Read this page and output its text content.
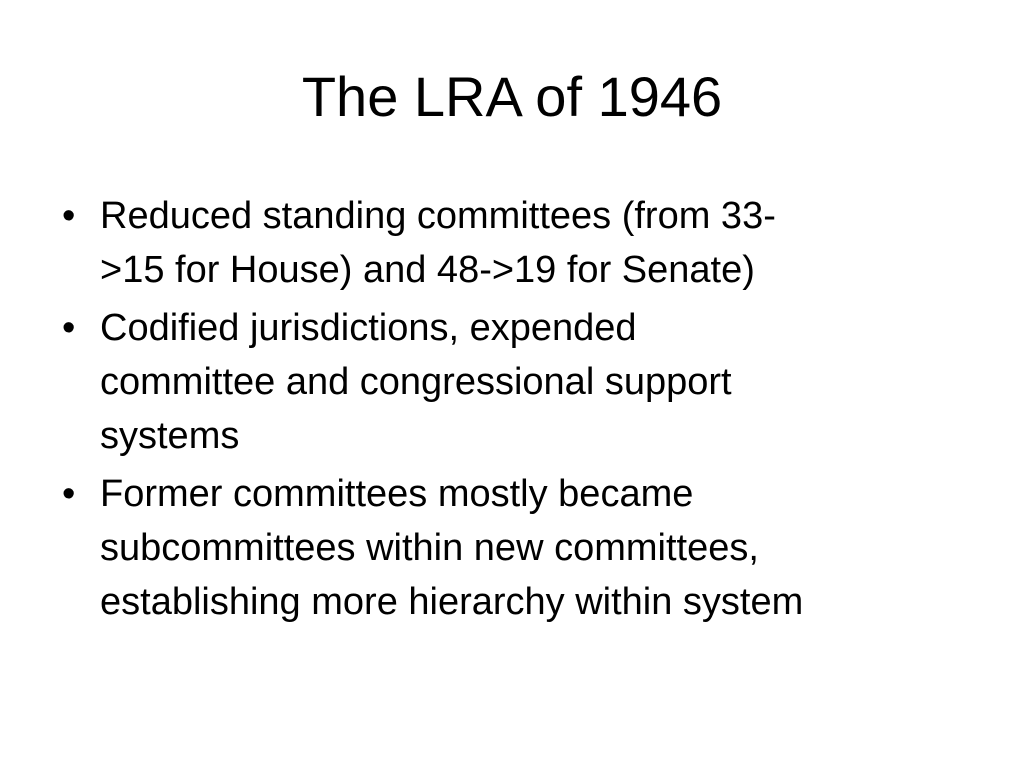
The LRA of 1946
• Reduced standing committees (from 33-
>15 for House) and 48->19 for Senate)
• Codified jurisdictions, expended
committee and congressional support
systems
• Former committees mostly became
subcommittees within new committees,
establishing more hierarchy within system
